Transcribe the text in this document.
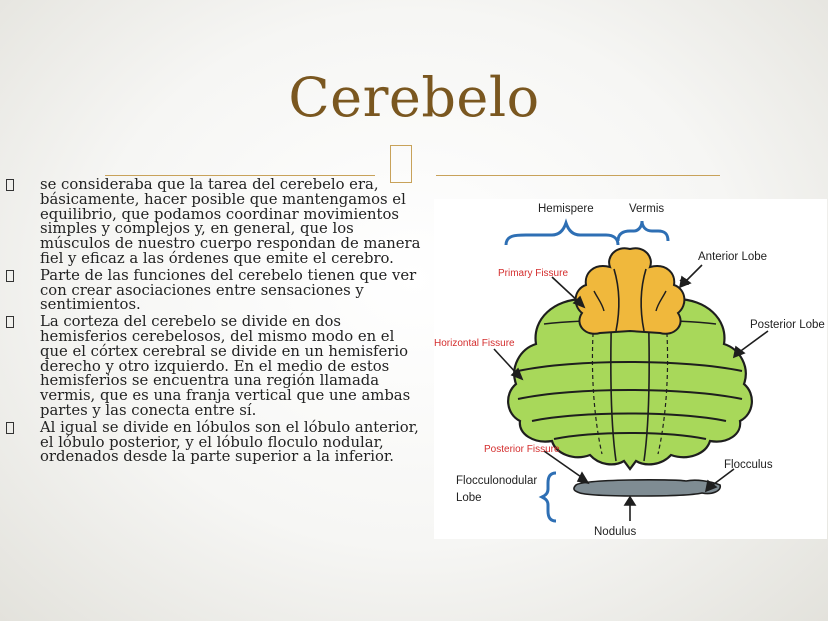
Cerebelo
se consideraba que la tarea del cerebelo era, básicamente, hacer posible que mantengamos el equilibrio, que podamos coordinar movimientos simples y complejos y, en general, que los músculos de nuestro cuerpo respondan de manera fiel y eficaz a las órdenes que emite el cerebro.
Parte de las funciones del cerebelo tienen que ver con crear asociaciones entre sensaciones y sentimientos.
La corteza del cerebelo se divide en dos hemisferios cerebelosos, del mismo modo en el que el córtex cerebral se divide en un hemisferio derecho y otro izquierdo. En el medio de estos hemisferios se encuentra una región llamada vermis, que es una franja vertical que une ambas partes y las conecta entre sí.
Al igual se divide en lóbulos son el lóbulo anterior, el lóbulo posterior, y el lóbulo floculo nodular, ordenados desde la parte superior a la inferior.
Hemispere	Vermis
Anterior Lobe
Primary Fissure
Posterior Lobe
Horizontal Fissure
Posterior Fissure
Flocculus
Flocculonodular
Lobe
Nodulus
